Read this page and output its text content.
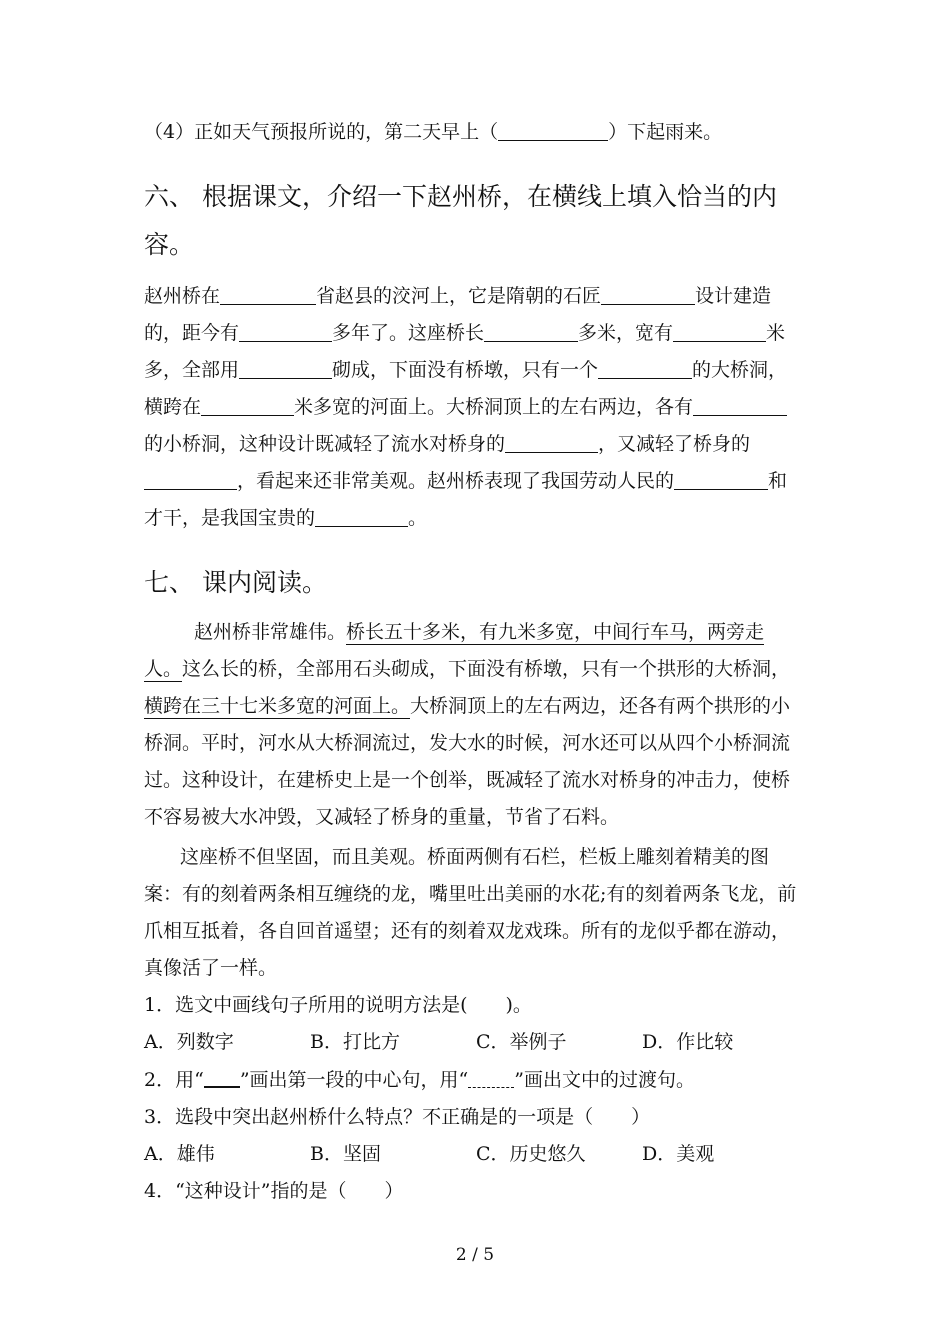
（4）正如天气预报所说的，第二天早上（	）下起雨来。
六、 根据课文，介绍一下赵州桥，在横线上填入恰当的内
容。
赵州桥在	省赵县的洨河上，它是隋朝的石匠	设计建造
的，距今有	多年了。这座桥长	多米，宽有	米
多，全部用	砌成，下面没有桥墩，只有一个	的大桥洞，
横跨在	米多宽的河面上。大桥洞顶上的左右两边，各有
的小桥洞，这种设计既减轻了流水对桥身的	，又减轻了桥身的
，看起来还非常美观。赵州桥表现了我国劳动人民的	和
才干，是我国宝贵的	。
七、 课内阅读。
赵州桥非常雄伟。桥长五十多米，有九米多宽，中间行车马，两旁走
人。这么长的桥，全部用石头砌成，下面没有桥墩，只有一个拱形的大桥洞，
横跨在三十七米多宽的河面上。大桥洞顶上的左右两边，还各有两个拱形的小
桥洞。平时，河水从大桥洞流过，发大水的时候，河水还可以从四个小桥洞流
过。这种设计，在建桥史上是一个创举，既减轻了流水对桥身的冲击力，使桥
不容易被大水冲毁，又减轻了桥身的重量，节省了石料。
这座桥不但坚固，而且美观。桥面两侧有石栏，栏板上雕刻着精美的图
案：有的刻着两条相互缠绕的龙，嘴里吐出美丽的水花;有的刻着两条飞龙，前
爪相互抵着，各自回首遥望；还有的刻着双龙戏珠。所有的龙似乎都在游动，
真像活了一样。
1．选文中画线句子所用的说明方法是(　　)。
A．列数字	B．打比方	C．举例子	D．作比较
2．用“ ”画出第一段的中心句，用“ ”画出文中的过渡句。
3．选段中突出赵州桥什么特点？不正确是的一项是（　　）
A．雄伟	B．坚固	C．历史悠久	D．美观
4．“这种设计”指的是（　　）
2 / 5
